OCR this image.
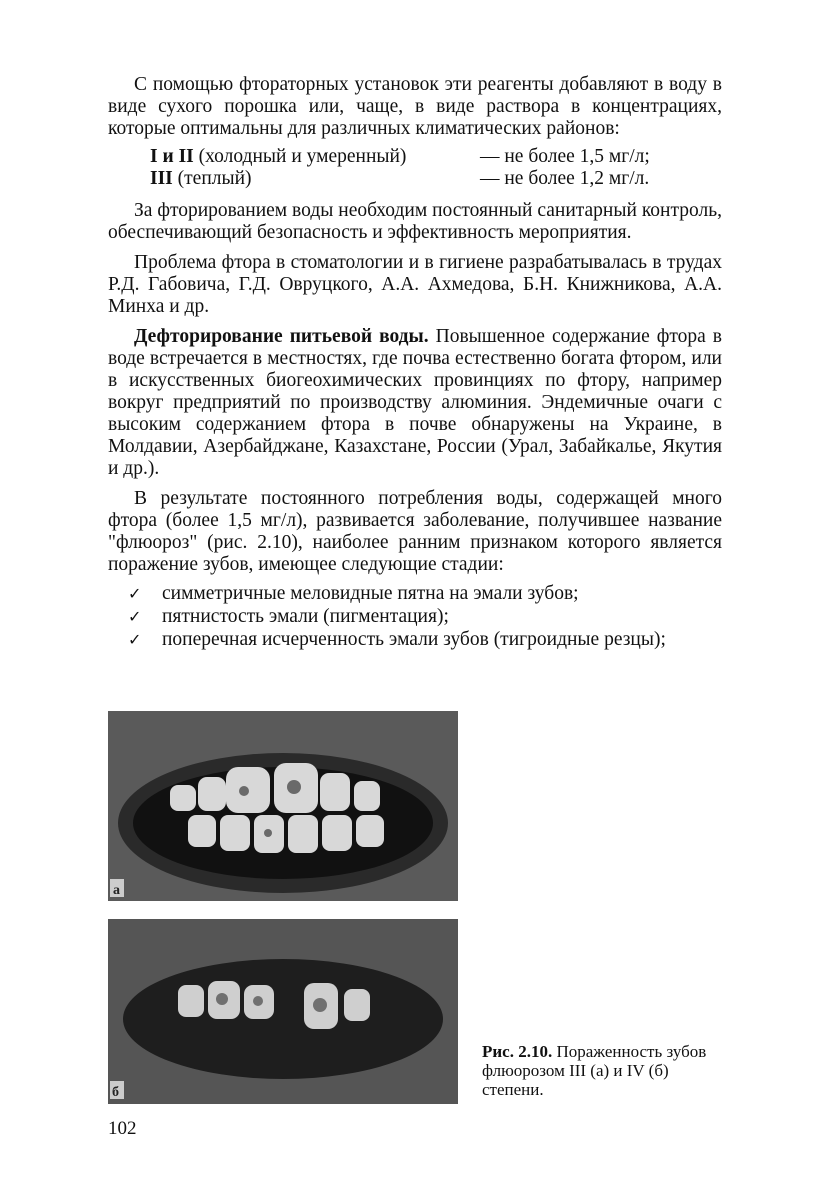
С помощью фтораторных установок эти реагенты добавляют в воду в виде сухого порошка или, чаще, в виде раствора в концентрациях, которые оптимальны для различных климатических районов:

I и II (холодный и умеренный)	— не более 1,5 мг/л;
III (теплый)	— не более 1,2 мг/л.

За фторированием воды необходим постоянный санитарный контроль, обеспечивающий безопасность и эффективность мероприятия.

Проблема фтора в стоматологии и в гигиене разрабатывалась в трудах Р.Д. Габовича, Г.Д. Овруцкого, А.А. Ахмедова, Б.Н. Книжникова, А.А. Минха и др.

Дефторирование питьевой воды. Повышенное содержание фтора в воде встречается в местностях, где почва естественно богата фтором, или в искусственных биогеохимических провинциях по фтору, например вокруг предприятий по производству алюминия. Эндемичные очаги с высоким содержанием фтора в почве обнаружены на Украине, в Молдавии, Азербайджане, Казахстане, России (Урал, Забайкалье, Якутия и др.).

В результате постоянного потребления воды, содержащей много фтора (более 1,5 мг/л), развивается заболевание, получившее название "флюороз" (рис. 2.10), наиболее ранним признаком которого является поражение зубов, имеющее следующие стадии:

✓	симметричные меловидные пятна на эмали зубов;
✓	пятнистость эмали (пигментация);
✓	поперечная исчерченность эмали зубов (тигроидные резцы);
а
б
Рис. 2.10. Пораженность зубов флюорозом III (а) и IV (б) степени.
102
